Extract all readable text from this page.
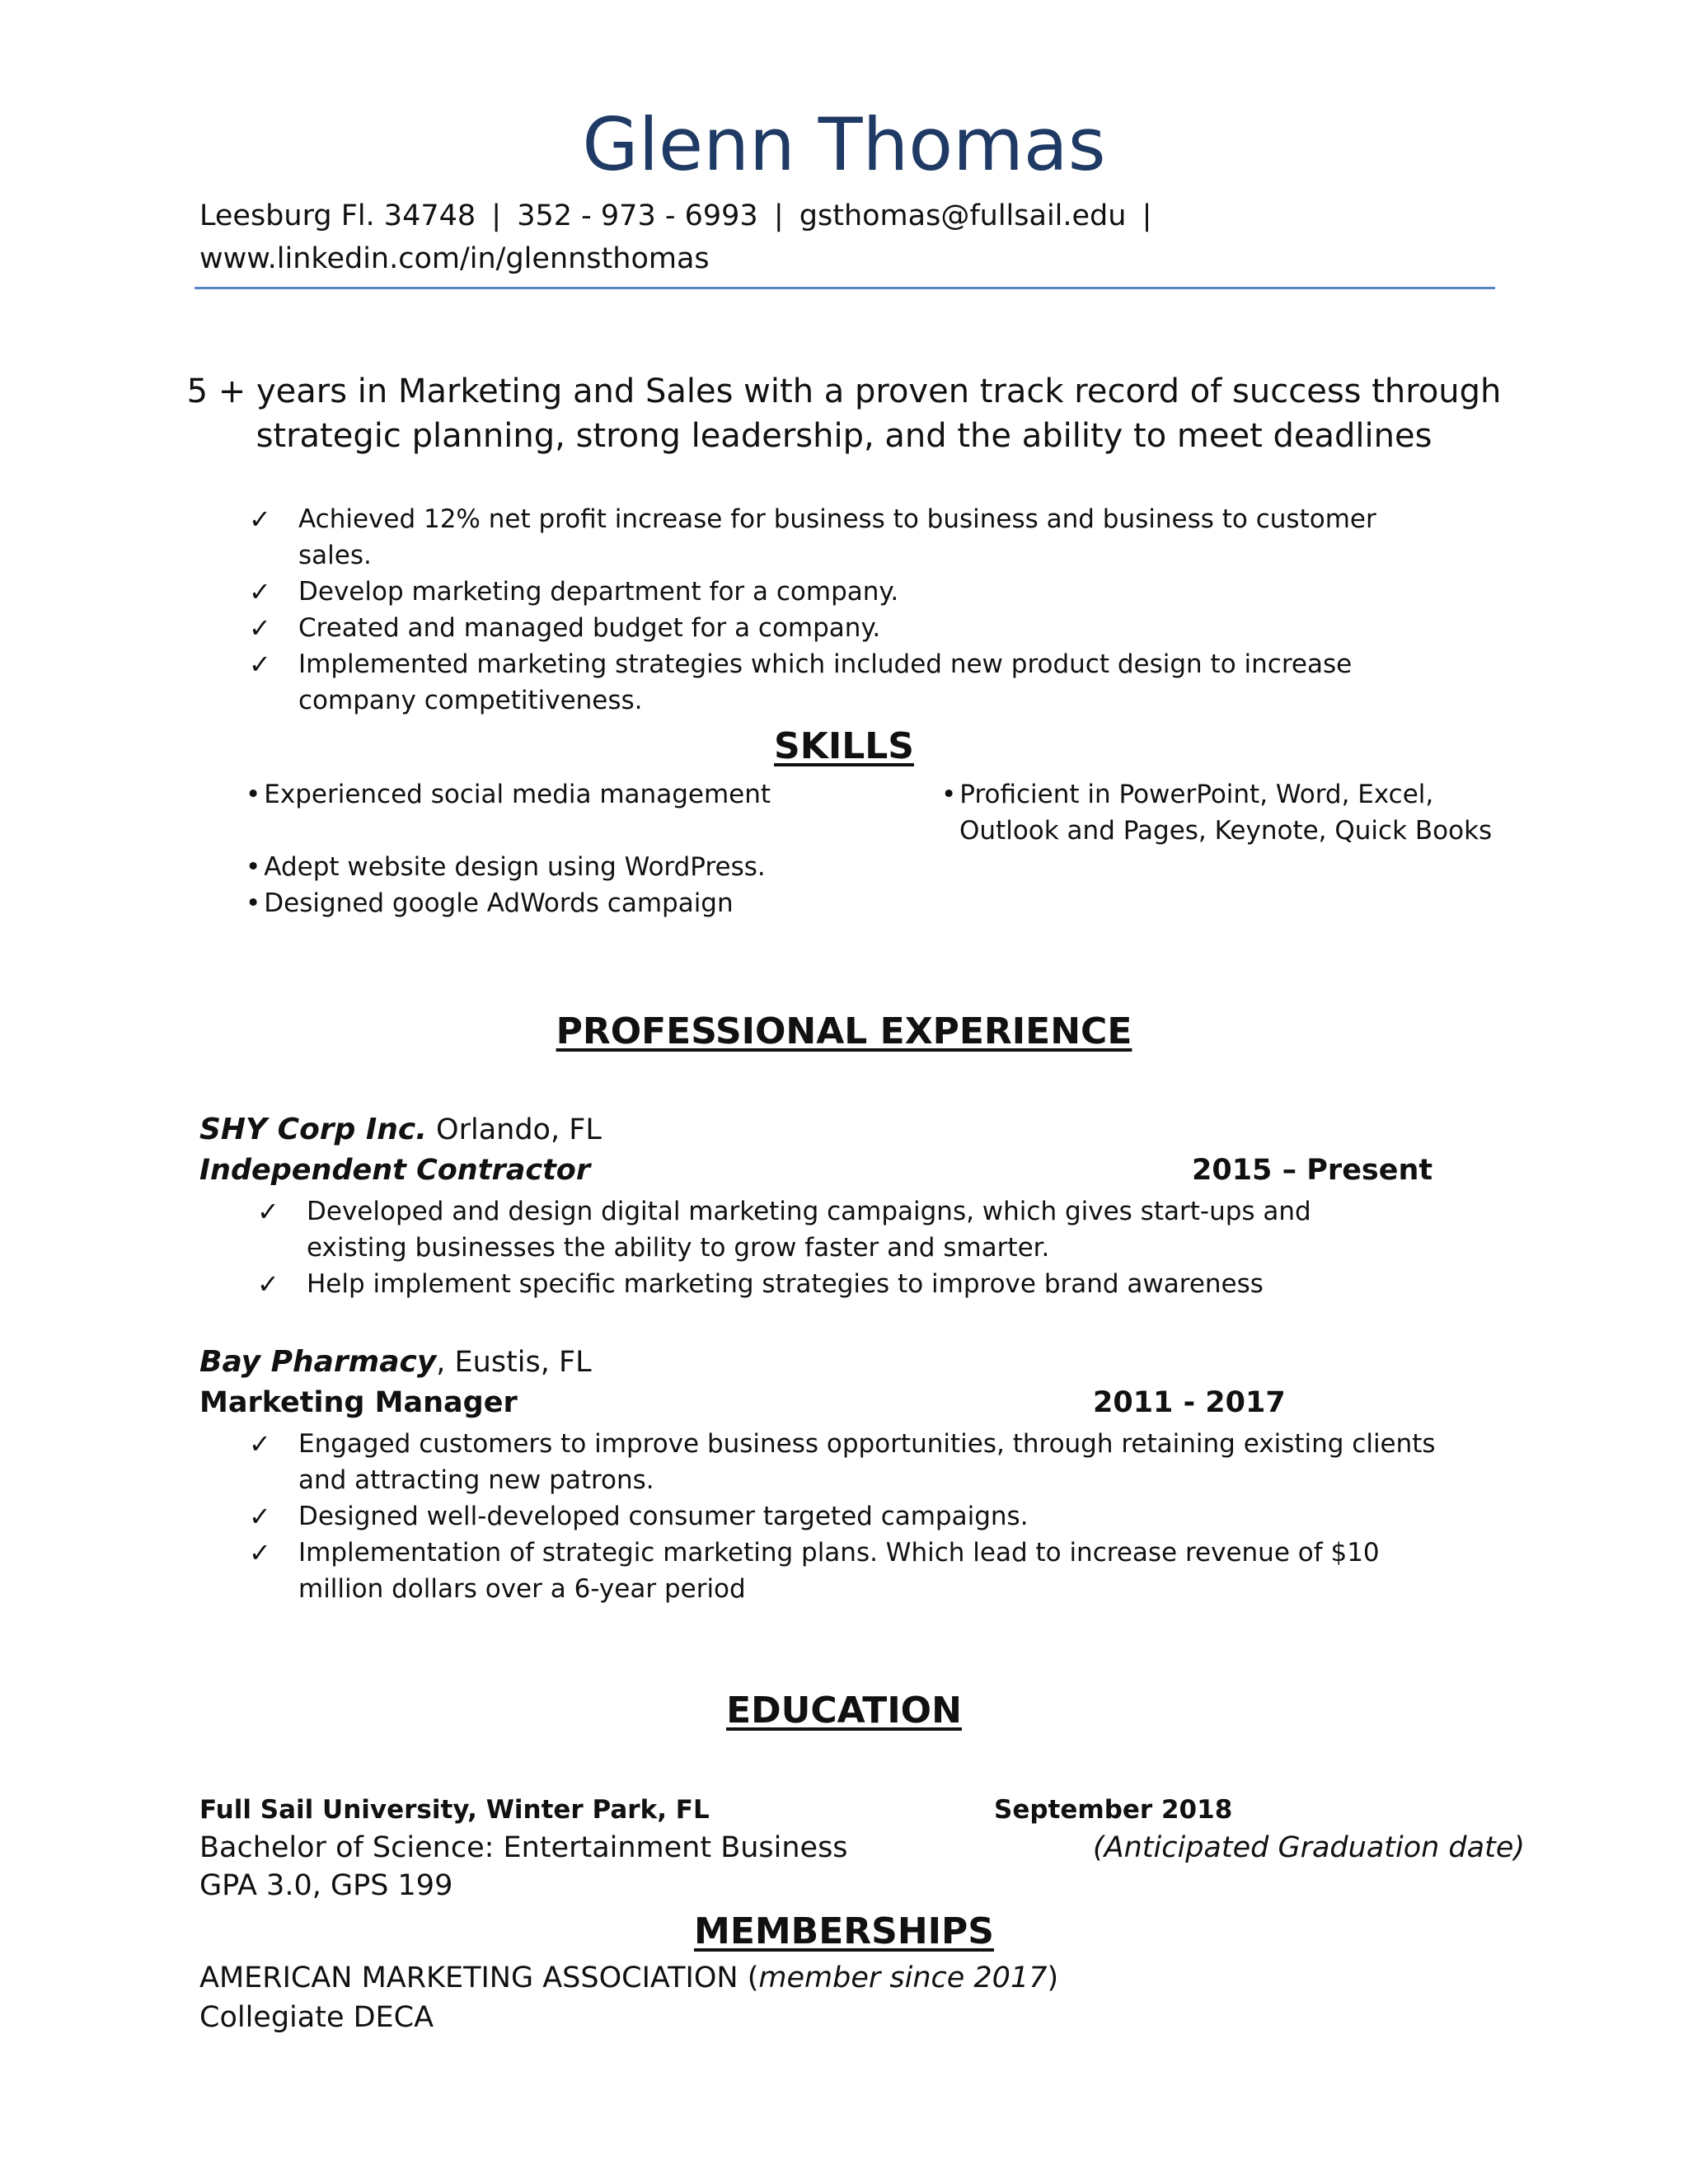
Glenn Thomas
Leesburg Fl. 34748 | 352 - 973 - 6993 | gsthomas@fullsail.edu |
www.linkedin.com/in/glennsthomas
5 + years in Marketing and Sales with a proven track record of success through strategic planning, strong leadership, and the ability to meet deadlines
✓ Achieved 12% net profit increase for business to business and business to customer sales.
✓ Develop marketing department for a company.
✓ Created and managed budget for a company.
✓ Implemented marketing strategies which included new product design to increase company competitiveness.
SKILLS
• Experienced social media management
• Adept website design using WordPress.
• Designed google AdWords campaign
• Proficient in PowerPoint, Word, Excel, Outlook and Pages, Keynote, Quick Books
PROFESSIONAL EXPERIENCE
SHY Corp Inc. Orlando, FL
Independent Contractor	2015 – Present
✓ Developed and design digital marketing campaigns, which gives start-ups and existing businesses the ability to grow faster and smarter.
✓ Help implement specific marketing strategies to improve brand awareness
Bay Pharmacy, Eustis, FL
Marketing Manager	2011 - 2017
✓ Engaged customers to improve business opportunities, through retaining existing clients and attracting new patrons.
✓ Designed well-developed consumer targeted campaigns.
✓ Implementation of strategic marketing plans. Which lead to increase revenue of $10 million dollars over a 6-year period
EDUCATION
Full Sail University, Winter Park, FL	September 2018
Bachelor of Science: Entertainment Business	(Anticipated Graduation date)
GPA 3.0, GPS 199
MEMBERSHIPS
AMERICAN MARKETING ASSOCIATION (member since 2017)
Collegiate DECA
